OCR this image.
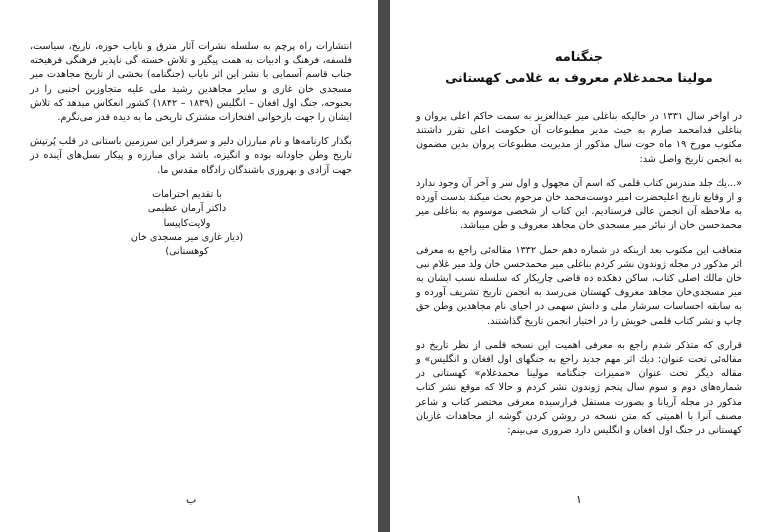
انتشارات راه پرچم به سلسله نشرات آثار مترق و نایاب حوزه، تاریخ، سیاست، فلسفه، فرهنگ و ادبیات به همت پیگیر و تلاش خسته گی ناپذیر فرهنگی فرهیخته جناب قاسم آسمایی با نشر این اثر نایاب (جنگنامه) بخشی از تاریخ مجاهدت میر مسجدی خان غازی و سایر مجاهدین رشید ملی علیه متجاوزین اجنبی را در بحبوحه، جنگ اول افغان – انگلیس (۱۸۳۹ – ۱۸۴۲) کشور انعکاس میدهد که تلاش ایشان را جهت بازخوانی افتخارات مشترک تاریخی ما به دیده قدر می‌نگرم.

بگذار کارنامه‌ها و نام مبارزان دلیر و سرفراز این سرزمین باستانی در قلب پُرتپش تاریخ وطن جاودانه بوده و انگیزه، باشد برای مبارزه و پیکار نسل‌های آینده در جهت آزادی و بهروزی باشندگان زادگاه مقدس ما.

با تقدیم احترامات
داکتر آرمان عظیمی
ولایت‌کاپیسا
(دیار غازی میر مسجدی خان کوهستانی)
ب
جنگنامه
مولینا محمدغلام معروف به غلامی کهستانی

در اواخر سال ۱۳۳۱ در حالیکه بناغلی میر عبدالعزیز به سمت حاکم اعلی پروان و بناغلی فدامحمد صارم به حیث مدیر مطبوعات آن حکومت اعلی تقرر داشتند مکتوب مورخ ۱۹ ماه حوت سال مذکور از مدیریت مطبوعات پروان بدین مضمون به انجمن تاریخ واصل شد:

«...یك جلد مندرس کتاب قلمی که اسم آن مجهول و اول سر و آخر آن وجود ندارد و از وقایع تاریخ اعلیحضرت امیر دوست‌محمد خان مرحوم بحث میکند بدست آورده به ملاحظه آن انجمن عالی فرستادیم. این کتاب از شخصی موسوم به بناغلی میر محمدحسن خان از نبائر میر مسجدی خان مجاهد معروف و طن میباشد.

متعاقب این مکتوب بعد ازینکه در شماره دهم حمل ۱۳۳۲ مقاله‌ئی راجع به معرفی اثر مذکور در مجله ژوندون نشر کردم بناغلی میر محمدحسن خان ولد میر غلام نبی خان مالك اصلی کتاب، ساکن دهکده ده قاضی چاریکار که سلسله نسب ایشان به میر مسجدی‌خان مجاهد معروف کهستان می‌رسد به انجمن تاریخ تشریف آورده و به سابقه احساسات سرشار ملی و دانش سهمی در احیای نام مجاهدین وطن حق چاپ و نشر کتاب قلمی خویش را در اختیار انجمن تاریخ گذاشتند.

قراری که متذکر شدم راجع به معرفی اهمیت این نسخه قلمی از نظر تاریخ دو مقاله‌ئی تحت عنوان: دیك اثر مهم جدید راجع به جنگهای اول افغان و انگلیس» و مقاله دیگر تحت عنوان «ممیزات جنگنامه مولینا محمدغلام» کهستانی در شماره‌های دوم و سوم سال پنجم ژوندون نشر کردم و حالا که موقع نشر کتاب مذکور در مجله آریانا و بصورت مستقل فرارسیده معرفی مختصر کتاب و شاعر مصنف آنرا با اهمیتی که متن نسخه در روشن کردن گوشه از مجاهدات غازیان کهستانی در جنگ اول افغان و انگلیس دارد ضروری می‌بینم:

۱
